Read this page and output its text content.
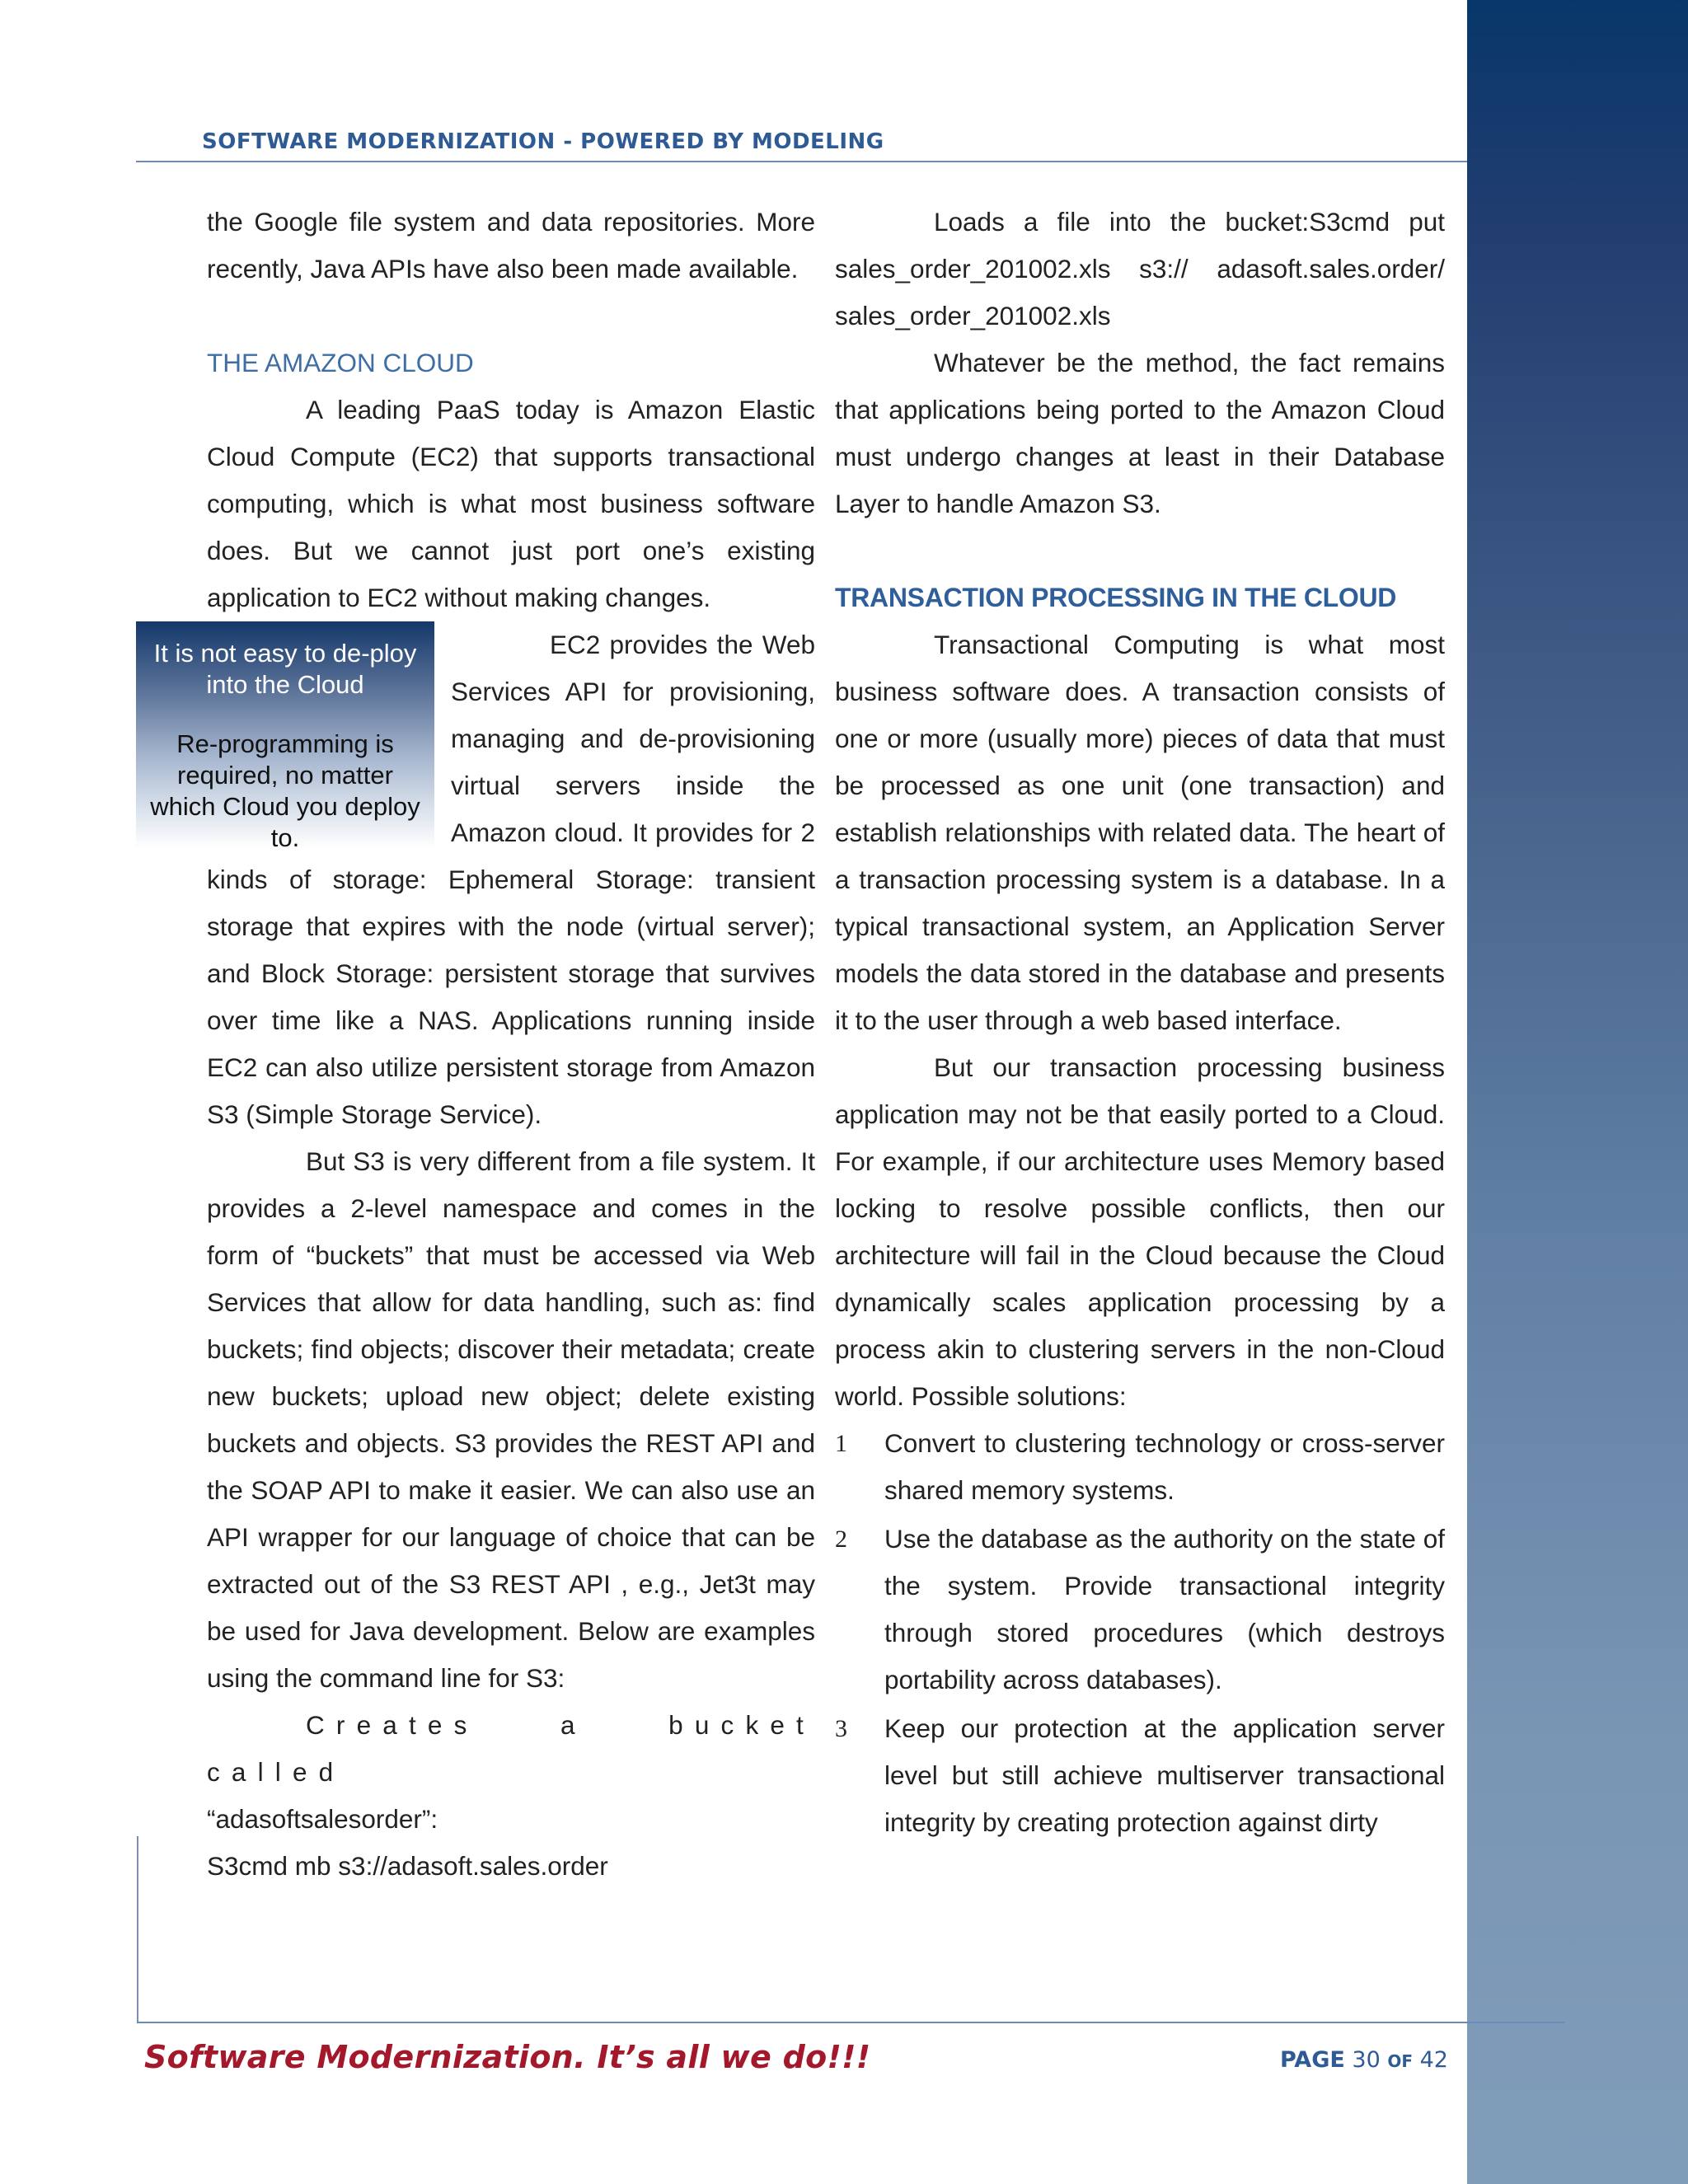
SOFTWARE MODERNIZATION - POWERED BY MODELING

the Google file system and data repositories. More recently, Java APIs have also been made available.

THE AMAZON CLOUD

A leading PaaS today is Amazon Elastic Cloud Compute (EC2) that supports transactional computing, which is what most business software does. But we cannot just port one’s existing application to EC2 without making changes.

It is not easy to de-ploy into the Cloud
Re-programming is required, no matter which Cloud you deploy to.

EC2 provides the Web Services API for provisioning, managing and de-provisioning virtual servers inside the Amazon cloud. It provides for 2 kinds of storage: Ephemeral Storage: transient storage that expires with the node (virtual server); and Block Storage: persistent storage that survives over time like a NAS. Applications running inside EC2 can also utilize persistent storage from Amazon S3 (Simple Storage Service).

But S3 is very different from a file system. It provides a 2-level namespace and comes in the form of “buckets” that must be accessed via Web Services that allow for data handling, such as: find buckets; find objects; discover their metadata; create new buckets; upload new object; delete existing buckets and objects. S3 provides the REST API and the SOAP API to make it easier. We can also use an API wrapper for our language of choice that can be extracted out of the S3 REST API , e.g., Jet3t may be used for Java development. Below are examples using the command line for S3:

Creates a bucket called

“adasoftsalesorder”:

S3cmd mb s3://adasoft.sales.order

Loads a file into the bucket:S3cmd put sales_order_201002.xls s3:// adasoft.sales.order/ sales_order_201002.xls

Whatever be the method, the fact remains that applications being ported to the Amazon Cloud must undergo changes at least in their Database Layer to handle Amazon S3.

TRANSACTION PROCESSING IN THE CLOUD

Transactional Computing is what most business software does. A transaction consists of one or more (usually more) pieces of data that must be processed as one unit (one transaction) and establish relationships with related data. The heart of a transaction processing system is a database. In a typical transactional system, an Application Server models the data stored in the database and presents it to the user through a web based interface.

But our transaction processing business application may not be that easily ported to a Cloud. For example, if our architecture uses Memory based locking to resolve possible conflicts, then our architecture will fail in the Cloud because the Cloud dynamically scales application processing by a process akin to clustering servers in the non-Cloud world. Possible solutions:

1 Convert to clustering technology or cross-server shared memory systems.
2 Use the database as the authority on the state of the system. Provide transactional integrity through stored procedures (which destroys portability across databases).
3 Keep our protection at the application server level but still achieve multiserver transactional integrity by creating protection against dirty
Software Modernization. It’s all we do!!!	PAGE 30 OF 42
